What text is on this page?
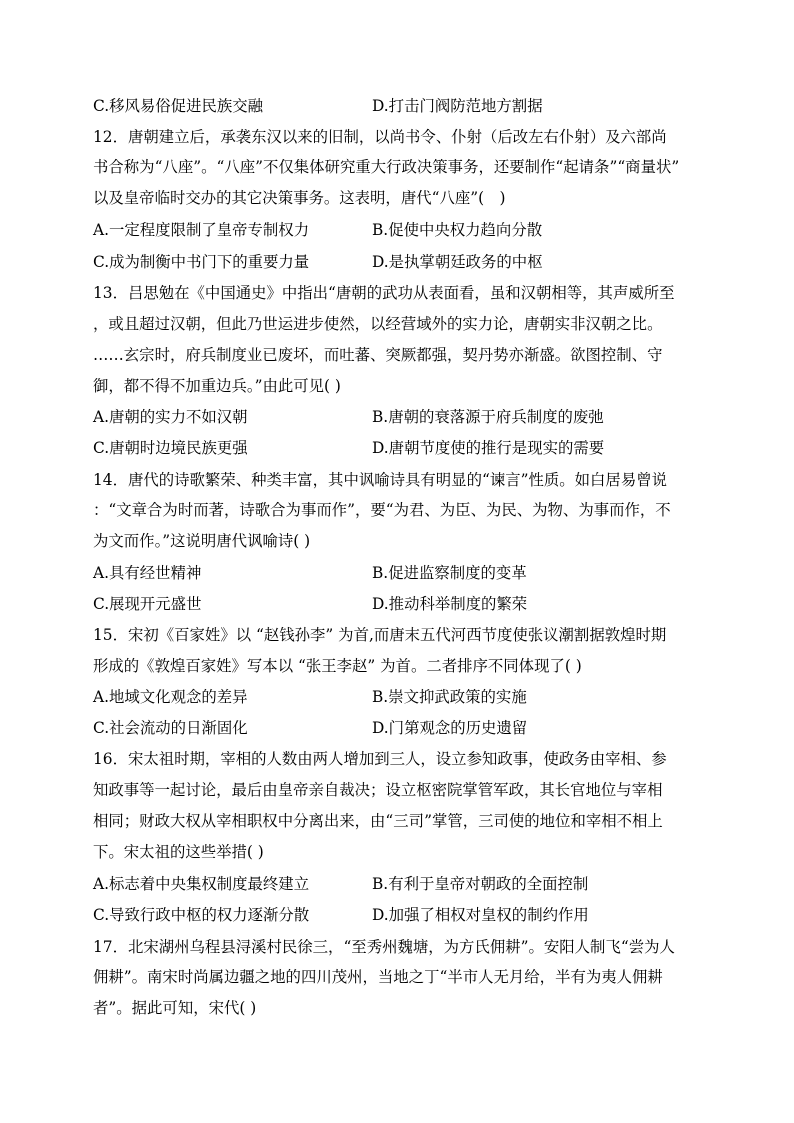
C.移风易俗促进民族交融	D.打击门阀防范地方割据
12．唐朝建立后，承袭东汉以来的旧制，以尚书令、仆射（后改左右仆射）及六部尚
书合称为“八座”。“八座”不仅集体研究重大行政决策事务，还要制作“起请条”“商量状”
以及皇帝临时交办的其它决策事务。这表明，唐代“八座”(　)
A.一定程度限制了皇帝专制权力	B.促使中央权力趋向分散
C.成为制衡中书门下的重要力量	D.是执掌朝廷政务的中枢
13．吕思勉在《中国通史》中指出“唐朝的武功从表面看，虽和汉朝相等，其声威所至
，或且超过汉朝，但此乃世运进步使然，以经营域外的实力论，唐朝实非汉朝之比。
……玄宗时，府兵制度业已废坏，而吐蕃、突厥都强，契丹势亦渐盛。欲图控制、守
御，都不得不加重边兵。”由此可见( )
A.唐朝的实力不如汉朝	B.唐朝的衰落源于府兵制度的废弛
C.唐朝时边境民族更强	D.唐朝节度使的推行是现实的需要
14．唐代的诗歌繁荣、种类丰富，其中讽喻诗具有明显的“谏言”性质。如白居易曾说
：“文章合为时而著，诗歌合为事而作”，要“为君、为臣、为民、为物、为事而作，不
为文而作。”这说明唐代讽喻诗( )
A.具有经世精神	B.促进监察制度的变革
C.展现开元盛世	D.推动科举制度的繁荣
15．宋初《百家姓》以 “赵钱孙李” 为首,而唐末五代河西节度使张议潮割据敦煌时期
形成的《敦煌百家姓》写本以 “张王李赵” 为首。二者排序不同体现了( )
A.地域文化观念的差异	B.崇文抑武政策的实施
C.社会流动的日渐固化	D.门第观念的历史遗留
16．宋太祖时期，宰相的人数由两人增加到三人，设立参知政事，使政务由宰相、参
知政事等一起讨论，最后由皇帝亲自裁决；设立枢密院掌管军政，其长官地位与宰相
相同；财政大权从宰相职权中分离出来，由“三司”掌管，三司使的地位和宰相不相上
下。宋太祖的这些举措( )
A.标志着中央集权制度最终建立	B.有利于皇帝对朝政的全面控制
C.导致行政中枢的权力逐渐分散	D.加强了相权对皇权的制约作用
17．北宋湖州乌程县浔溪村民徐三，“至秀州魏塘，为方氏佣耕”。安阳人制飞“尝为人
佣耕”。南宋时尚属边疆之地的四川茂州，当地之丁“半市人无月给，半有为夷人佣耕
者”。据此可知，宋代( )
